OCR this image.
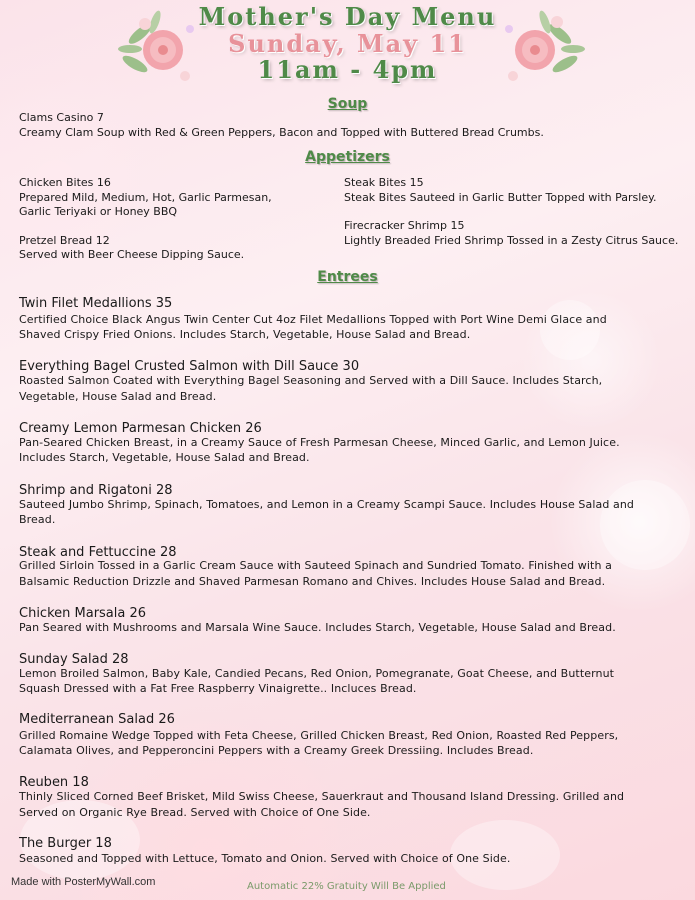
Mother's Day Menu
Sunday, May 11
11am - 4pm
Soup
Clams Casino 7
Creamy Clam Soup with Red & Green Peppers, Bacon and Topped with Buttered Bread Crumbs.
Appetizers
Chicken Bites 16
Prepared Mild, Medium, Hot, Garlic Parmesan,
Garlic Teriyaki or Honey BBQ
Pretzel Bread 12
Served with Beer Cheese Dipping Sauce.
Steak Bites 15
Steak Bites Sauteed in Garlic Butter Topped with Parsley.
Firecracker Shrimp 15
Lightly Breaded Fried Shrimp Tossed in a Zesty Citrus Sauce.
Entrees
Twin Filet Medallions 35
Certified Choice Black Angus Twin Center Cut 4oz Filet Medallions Topped with Port Wine Demi Glace and
Shaved Crispy Fried Onions. Includes Starch, Vegetable, House Salad and Bread.
Everything Bagel Crusted Salmon with Dill Sauce 30
Roasted Salmon Coated with Everything Bagel Seasoning and Served with a Dill Sauce. Includes Starch,
Vegetable, House Salad and Bread.
Creamy Lemon Parmesan Chicken 26
Pan-Seared Chicken Breast, in a Creamy Sauce of Fresh Parmesan Cheese, Minced Garlic, and Lemon Juice.
Includes Starch, Vegetable, House Salad and Bread.
Shrimp and Rigatoni 28
Sauteed Jumbo Shrimp, Spinach, Tomatoes, and Lemon in a Creamy Scampi Sauce. Includes House Salad and
Bread.
Steak and Fettuccine 28
Grilled Sirloin Tossed in a Garlic Cream Sauce with Sauteed Spinach and Sundried Tomato. Finished with a
Balsamic Reduction Drizzle and Shaved Parmesan Romano and Chives. Includes House Salad and Bread.
Chicken Marsala 26
Pan Seared with Mushrooms and Marsala Wine Sauce. Includes Starch, Vegetable, House Salad and Bread.
Sunday Salad 28
Lemon Broiled Salmon, Baby Kale, Candied Pecans, Red Onion, Pomegranate, Goat Cheese, and Butternut
Squash Dressed with a Fat Free Raspberry Vinaigrette.. Incluces Bread.
Mediterranean Salad 26
Grilled Romaine Wedge Topped with Feta Cheese, Grilled Chicken Breast, Red Onion, Roasted Red Peppers,
Calamata Olives, and Pepperoncini Peppers with a Creamy Greek Dressiing. Includes Bread.
Reuben 18
Thinly Sliced Corned Beef Brisket, Mild Swiss Cheese, Sauerkraut and Thousand Island Dressing. Grilled and
Served on Organic Rye Bread. Served with Choice of One Side.
The Burger 18
Seasoned and Topped with Lettuce, Tomato and Onion. Served with Choice of One Side.
Made with PosterMyWall.com	Automatic 22% Gratuity Will Be Applied
